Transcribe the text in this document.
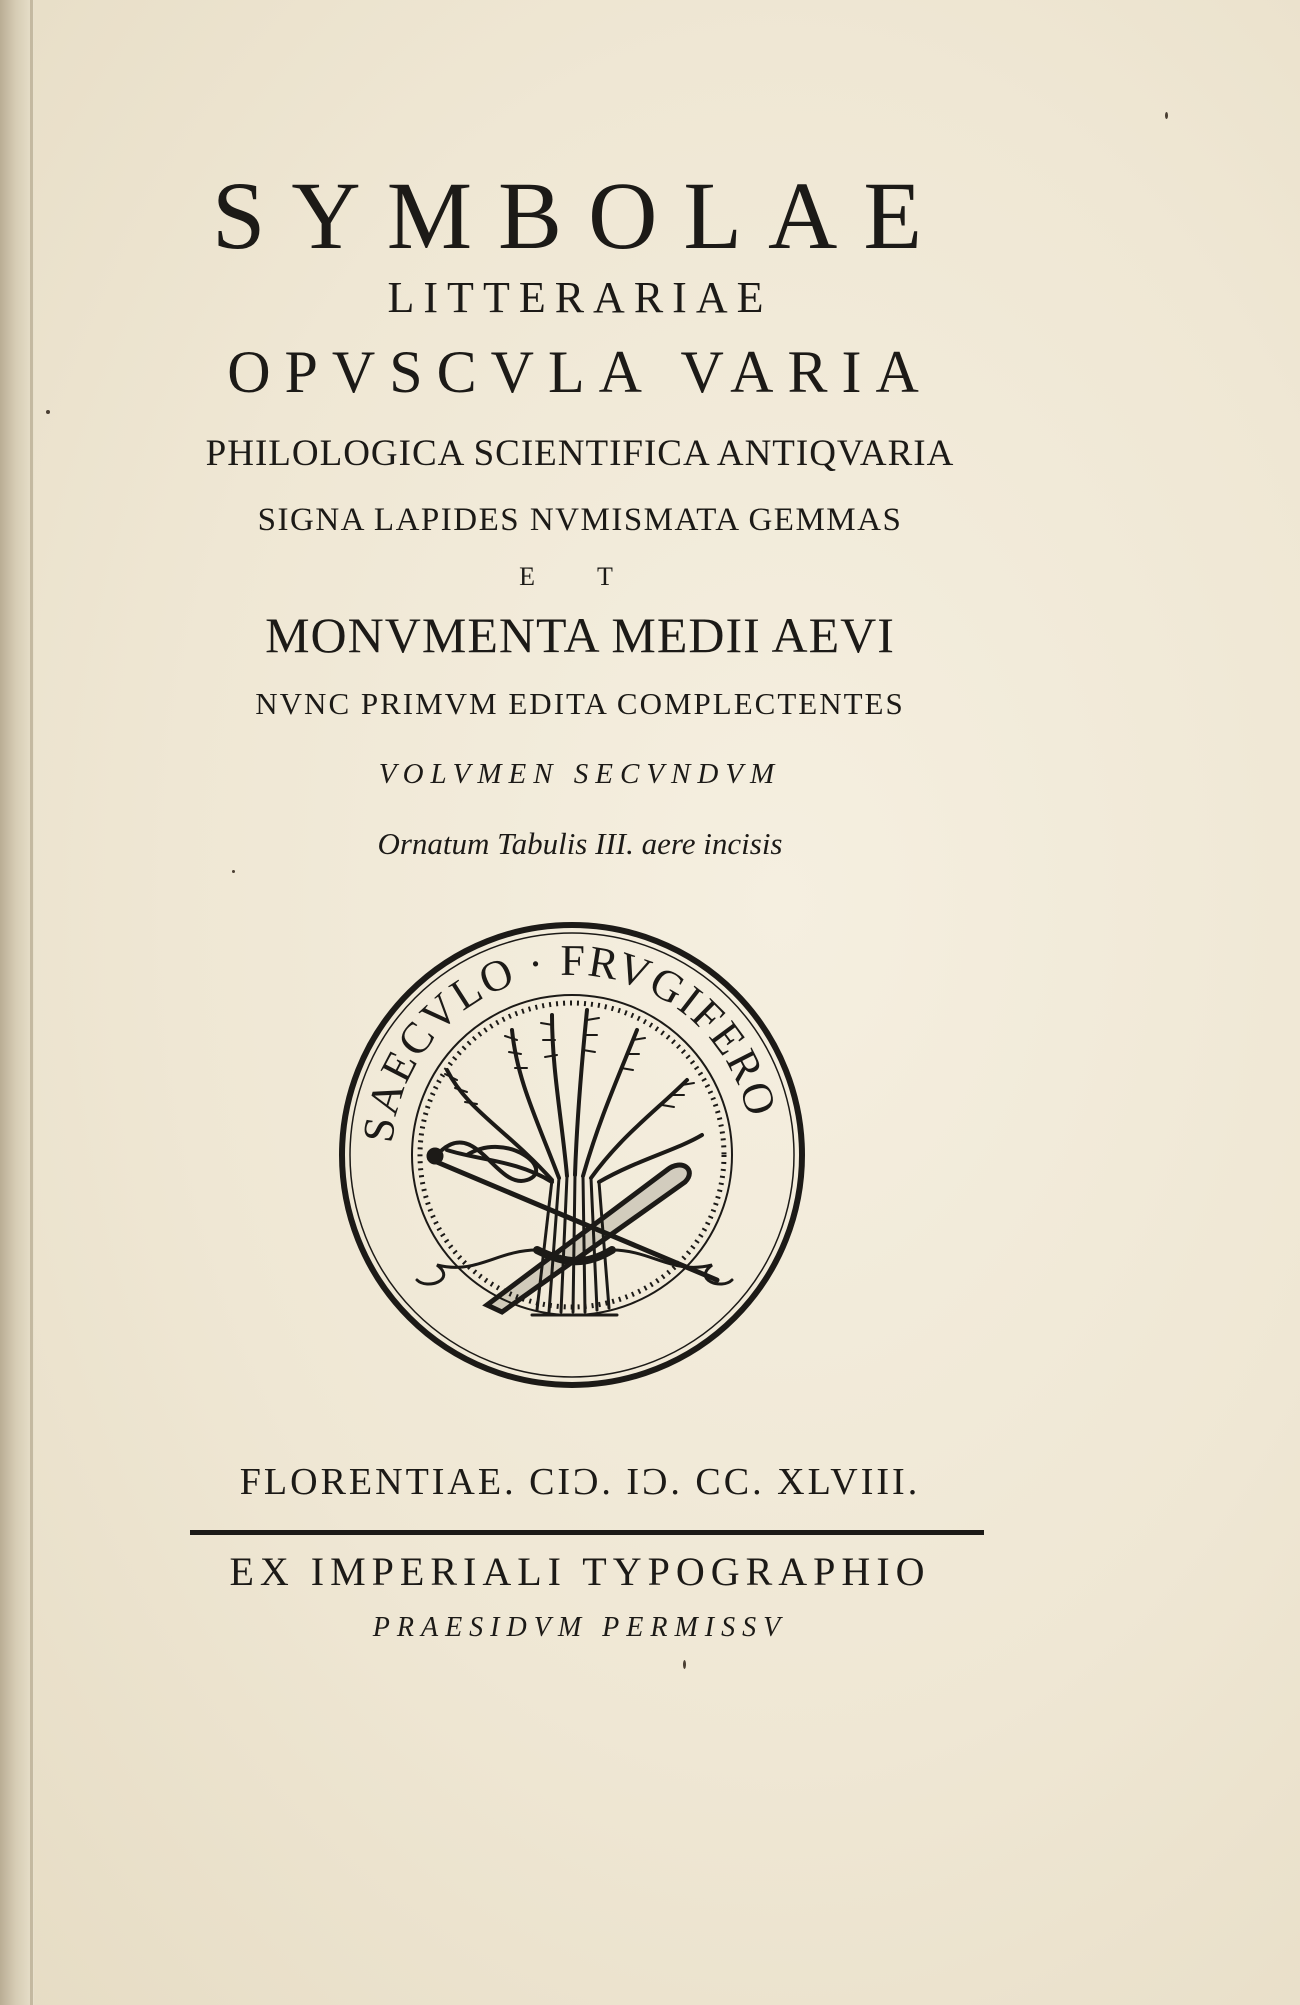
SYMBOLAE

LITTERARIAE

OPVSCVLA VARIA

PHILOLOGICA SCIENTIFICA ANTIQVARIA

SIGNA LAPIDES NVMISMATA GEMMAS

E T

MONVMENTA MEDII AEVI

NVNC PRIMVM EDITA COMPLECTENTES

VOLVMEN SECVNDVM

Ornatum Tabulis III. aere incisis

SAECVLO · FRVGIFERO

FLORENTIAE. CIϽ. IϽ. CC. XLVIII.

EX IMPERIALI TYPOGRAPHIO

PRAESIDVM PERMISSV
